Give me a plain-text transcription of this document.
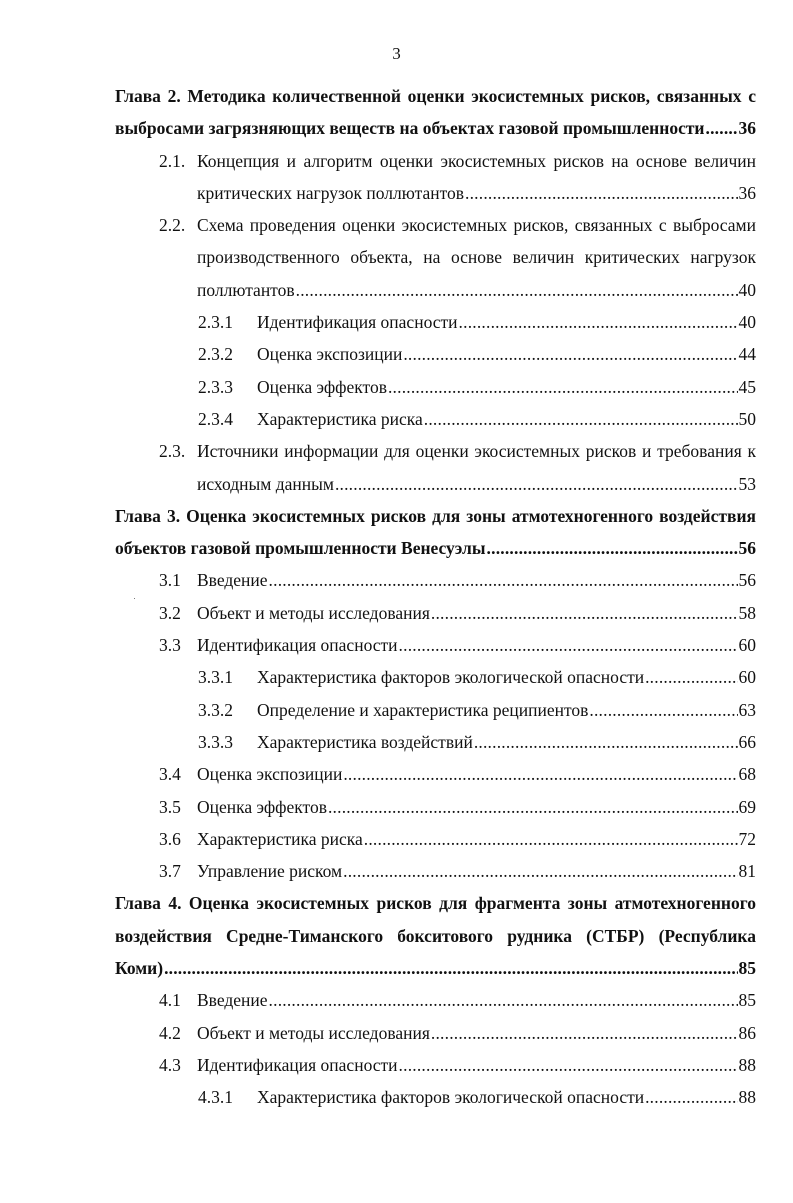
3
Глава 2. Методика количественной оценки экосистемных рисков, связанных с
выбросами загрязняющих веществ на объектах газовой промышленности ..... 36
2.1. Концепция и алгоритм оценки экосистемных рисков на основе величин
критических нагрузок поллютантов .....	36
2.2. Схема проведения оценки экосистемных рисков, связанных с выбросами
производственного объекта, на основе величин критических нагрузок
поллютантов .....	40
2.3.1 Идентификация опасности .....	40
2.3.2 Оценка экспозиции .....	44
2.3.3 Оценка эффектов .....	45
2.3.4 Характеристика риска .....	50
2.3. Источники информации для оценки экосистемных рисков и требования к
исходным данным .....	53
Глава 3. Оценка экосистемных рисков для зоны атмотехногенного воздействия
объектов газовой промышленности Венесуэлы .....	56
3.1 Введение .....	56
3.2 Объект и методы исследования .....	58
3.3 Идентификация опасности .....	60
3.3.1 Характеристика факторов экологической опасности .....	60
3.3.2 Определение и характеристика реципиентов .....	63
3.3.3 Характеристика воздействий .....	66
3.4 Оценка экспозиции .....	68
3.5 Оценка эффектов .....	69
3.6 Характеристика риска .....	72
3.7 Управление риском .....	81
Глава 4. Оценка экосистемных рисков для фрагмента зоны атмотехногенного
воздействия Средне-Тиманского бокситового рудника (СТБР) (Республика
Коми) .....	85
4.1 Введение .....	85
4.2 Объект и методы исследования .....	86
4.3 Идентификация опасности .....	88
4.3.1 Характеристика факторов экологической опасности .....	88
